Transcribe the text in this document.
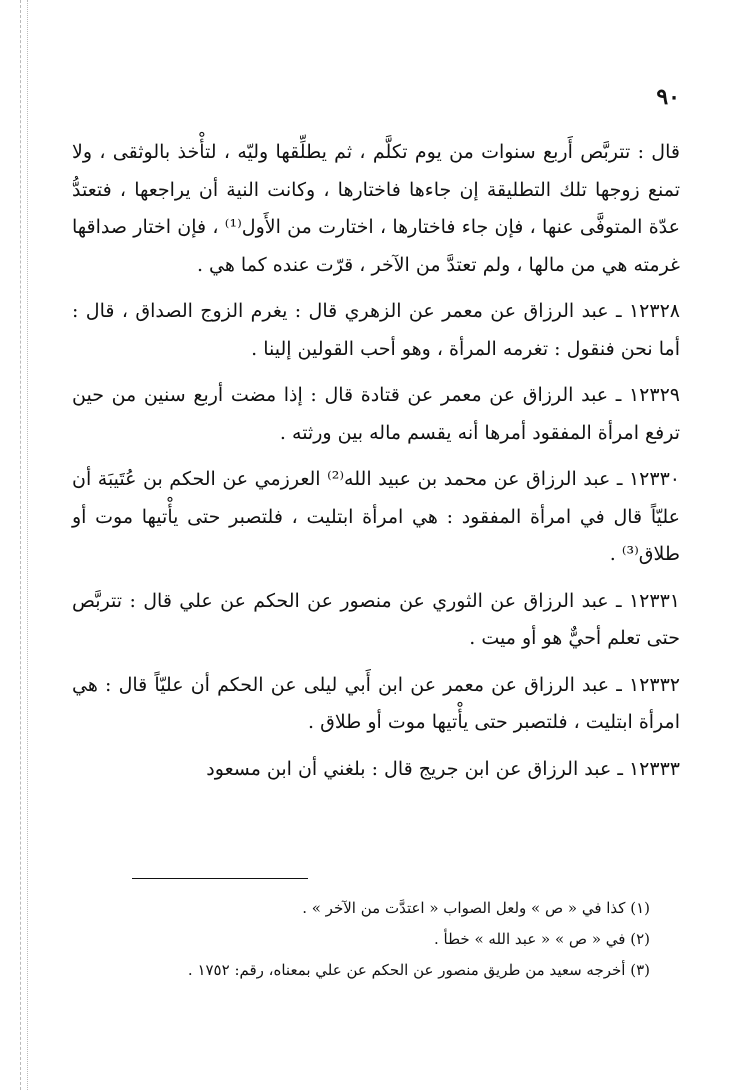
٩٠

قال : تتربَّص أَربع سنوات من يوم تكلَّم ، ثم يطلِّقها وليّه ، لتأْخذ بالوثقى ، ولا تمنع زوجها تلك التطليقة إن جاءها فاختارها ، وكانت النية أن يراجعها ، فتعتدُّ عدّة المتوفَّى عنها ، فإن جاء فاختارها ، اختارت من الأَول⁽¹⁾ ، فإن اختار صداقها غرمته هي من مالها ، ولم تعتدَّ من الآخر ، قرّت عنده كما هي .

١٢٣٢٨ ـ عبد الرزاق عن معمر عن الزهري قال : يغرم الزوج الصداق ، قال : أما نحن فنقول : تغرمه المرأة ، وهو أحب القولين إلينا .

١٢٣٢٩ ـ عبد الرزاق عن معمر عن قتادة قال : إذا مضت أربع سنين من حين ترفع امرأة المفقود أمرها أنه يقسم ماله بين ورثته .

١٢٣٣٠ ـ عبد الرزاق عن محمد بن عبيد الله⁽²⁾ العرزمي عن الحكم بن عُتَيبَة أن عليّاً قال في امرأة المفقود : هي امرأة ابتليت ، فلتصبر حتى يأْتيها موت أو طلاق⁽³⁾ .

١٢٣٣١ ـ عبد الرزاق عن الثوري عن منصور عن الحكم عن علي قال : تتربَّص حتى تعلم أحيٌّ هو أو ميت .

١٢٣٣٢ ـ عبد الرزاق عن معمر عن ابن أَبي ليلى عن الحكم أن عليّاً قال : هي امرأة ابتليت ، فلتصبر حتى يأْتيها موت أو طلاق .

١٢٣٣٣ ـ عبد الرزاق عن ابن جريج قال : بلغني أن ابن مسعود

(١) كذا في « ص » ولعل الصواب « اعتدَّت من الآخر » .

(٢) في « ص » « عبد الله » خطأ .

(٣) أخرجه سعيد من طريق منصور عن الحكم عن علي بمعناه، رقم: ١٧٥٢ .
